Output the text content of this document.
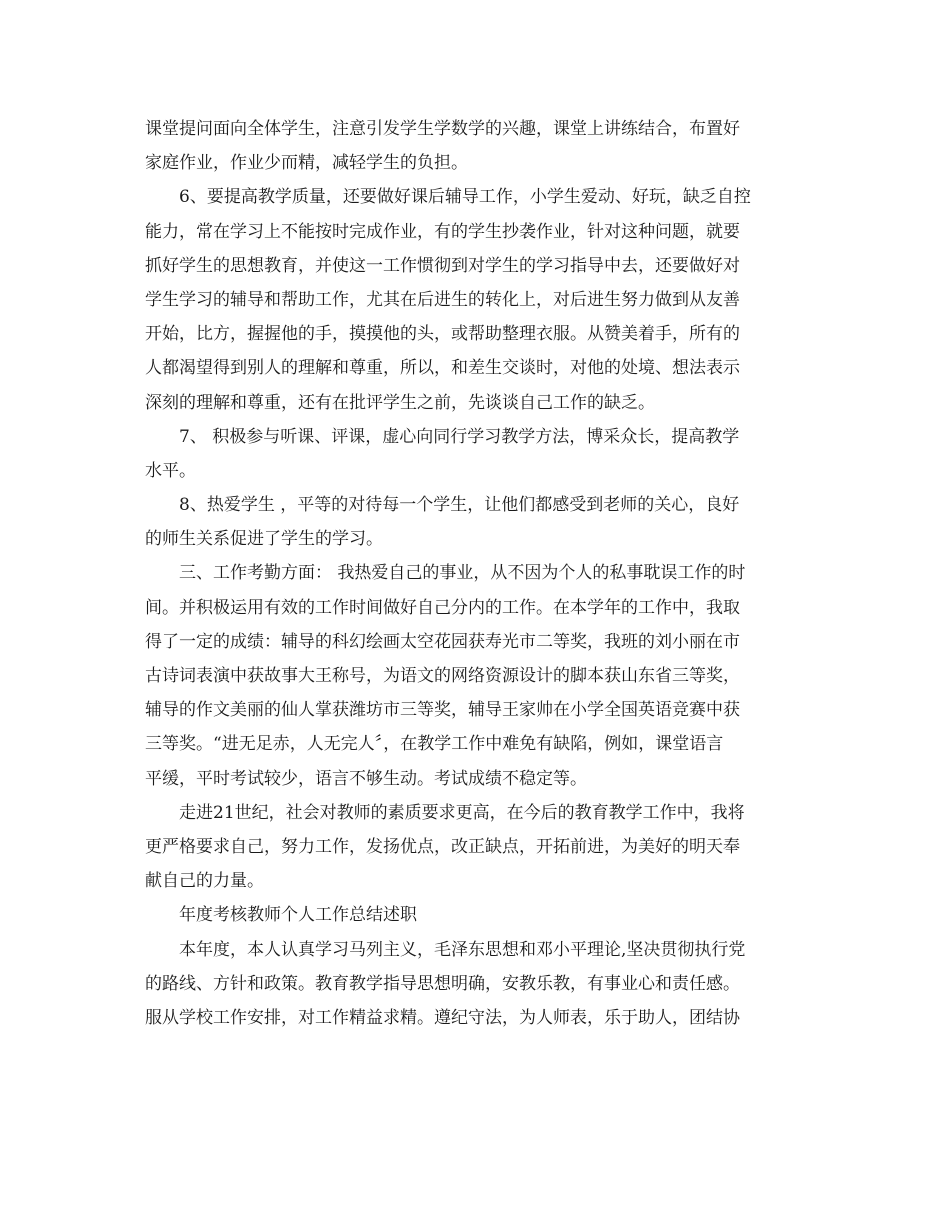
课堂提问面向全体学生，注意引发学生学数学的兴趣，课堂上讲练结合，布置好
家庭作业，作业少而精，减轻学生的负担。
6、要提高教学质量，还要做好课后辅导工作，小学生爱动、好玩，缺乏自控
能力，常在学习上不能按时完成作业，有的学生抄袭作业，针对这种问题，就要
抓好学生的思想教育，并使这一工作惯彻到对学生的学习指导中去，还要做好对
学生学习的辅导和帮助工作，尤其在后进生的转化上，对后进生努力做到从友善
开始，比方，握握他的手，摸摸他的头，或帮助整理衣服。从赞美着手，所有的
人都渴望得到别人的理解和尊重，所以，和差生交谈时，对他的处境、想法表示
深刻的理解和尊重，还有在批评学生之前，先谈谈自己工作的缺乏。
7、 积极参与听课、评课，虚心向同行学习教学方法，博采众长，提高教学
水平。
8、热爱学生 ，平等的对待每一个学生，让他们都感受到老师的关心，良好
的师生关系促进了学生的学习。
三、工作考勤方面： 我热爱自己的事业，从不因为个人的私事耽误工作的时
间。并积极运用有效的工作时间做好自己分内的工作。在本学年的工作中，我取
得了一定的成绩：辅导的科幻绘画太空花园获寿光市二等奖，我班的刘小丽在市
古诗词表演中获故事大王称号，为语文的网络资源设计的脚本获山东省三等奖，
辅导的作文美丽的仙人掌获潍坊市三等奖，辅导王家帅在小学全国英语竞赛中获
三等奖。“进无足赤，人无完人〞，在教学工作中难免有缺陷，例如，课堂语言
平缓，平时考试较少，语言不够生动。考试成绩不稳定等。
走进21世纪，社会对教师的素质要求更高，在今后的教育教学工作中，我将
更严格要求自己，努力工作，发扬优点，改正缺点，开拓前进，为美好的明天奉
献自己的力量。
年度考核教师个人工作总结述职
本年度，本人认真学习马列主义，毛泽东思想和邓小平理论,坚决贯彻执行党
的路线、方针和政策。教育教学指导思想明确，安教乐教，有事业心和责任感。
服从学校工作安排，对工作精益求精。遵纪守法，为人师表，乐于助人，团结协
